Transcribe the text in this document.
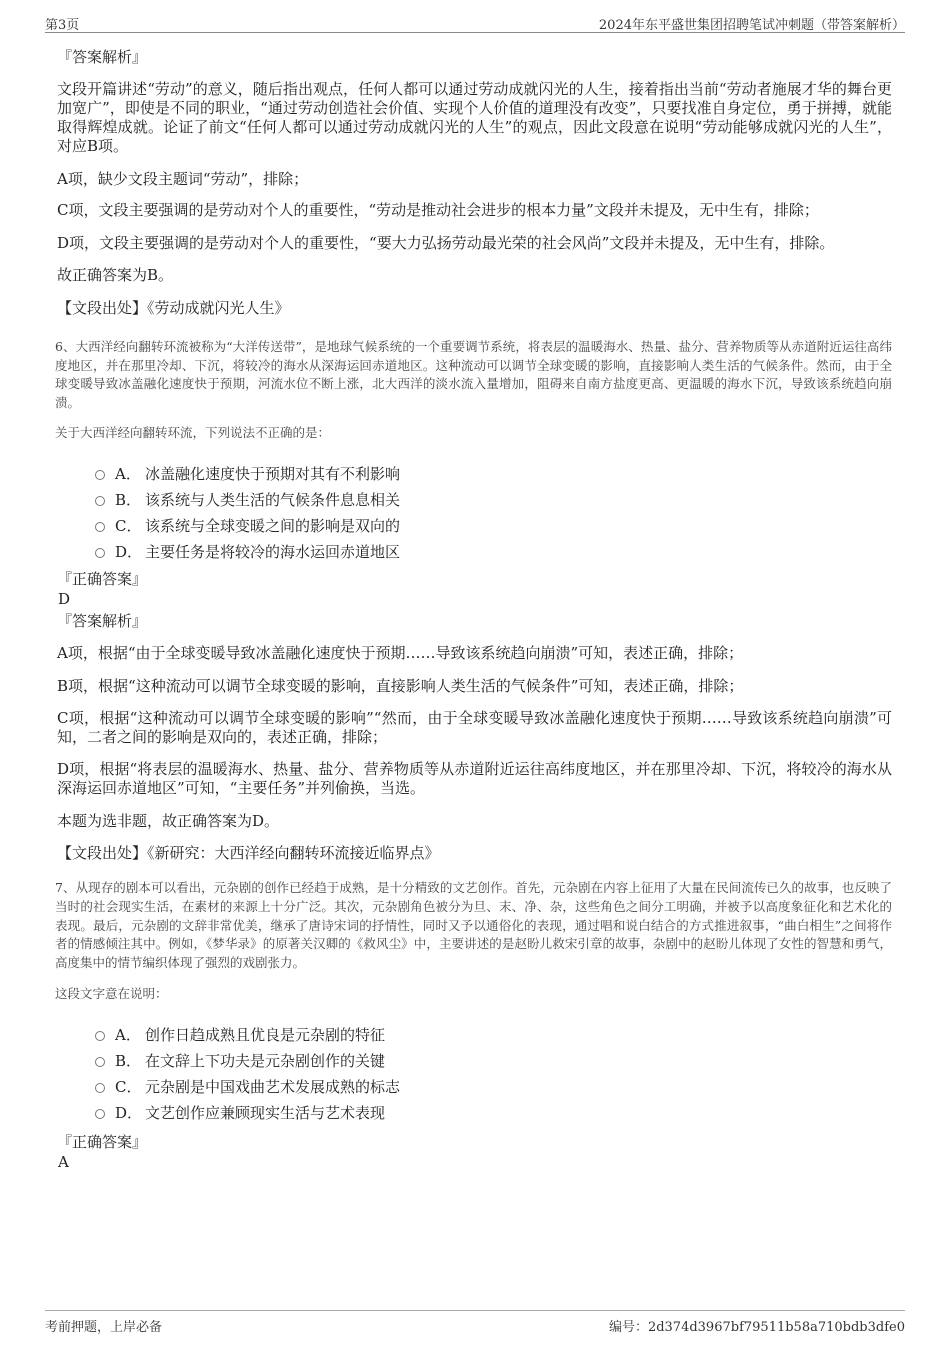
第3页	2024年东平盛世集团招聘笔试冲刺题（带答案解析）
『答案解析』
文段开篇讲述“劳动”的意义，随后指出观点，任何人都可以通过劳动成就闪光的人生，接着指出当前“劳动者施展才华的舞台更加宽广”，即使是不同的职业，“通过劳动创造社会价值、实现个人价值的道理没有改变”，只要找准自身定位，勇于拼搏，就能取得辉煌成就。论证了前文“任何人都可以通过劳动成就闪光的人生”的观点，因此文段意在说明“劳动能够成就闪光的人生”，对应B项。
A项，缺少文段主题词“劳动”，排除；
C项，文段主要强调的是劳动对个人的重要性，“劳动是推动社会进步的根本力量”文段并未提及，无中生有，排除；
D项，文段主要强调的是劳动对个人的重要性，“要大力弘扬劳动最光荣的社会风尚”文段并未提及，无中生有，排除。
故正确答案为B。
【文段出处】《劳动成就闪光人生》
6、大西洋经向翻转环流被称为“大洋传送带”，是地球气候系统的一个重要调节系统，将表层的温暖海水、热量、盐分、营养物质等从赤道附近运往高纬度地区，并在那里冷却、下沉，将较冷的海水从深海运回赤道地区。这种流动可以调节全球变暖的影响，直接影响人类生活的气候条件。然而，由于全球变暖导致冰盖融化速度快于预期，河流水位不断上涨，北大西洋的淡水流入量增加，阻碍来自南方盐度更高、更温暖的海水下沉，导致该系统趋向崩溃。
关于大西洋经向翻转环流，下列说法不正确的是：
A． 冰盖融化速度快于预期对其有不利影响
B． 该系统与人类生活的气候条件息息相关
C． 该系统与全球变暖之间的影响是双向的
D． 主要任务是将较冷的海水运回赤道地区
『正确答案』
D
『答案解析』
A项，根据“由于全球变暖导致冰盖融化速度快于预期……导致该系统趋向崩溃”可知，表述正确，排除；
B项，根据“这种流动可以调节全球变暖的影响，直接影响人类生活的气候条件”可知，表述正确，排除；
C项，根据“这种流动可以调节全球变暖的影响”“然而，由于全球变暖导致冰盖融化速度快于预期……导致该系统趋向崩溃”可知，二者之间的影响是双向的，表述正确，排除；
D项，根据“将表层的温暖海水、热量、盐分、营养物质等从赤道附近运往高纬度地区，并在那里冷却、下沉，将较冷的海水从深海运回赤道地区”可知，“主要任务”并列偷换，当选。
本题为选非题，故正确答案为D。
【文段出处】《新研究：大西洋经向翻转环流接近临界点》
7、从现存的剧本可以看出，元杂剧的创作已经趋于成熟，是十分精致的文艺创作。首先，元杂剧在内容上征用了大量在民间流传已久的故事，也反映了当时的社会现实生活，在素材的来源上十分广泛。其次，元杂剧角色被分为旦、末、净、杂，这些角色之间分工明确，并被予以高度象征化和艺术化的表现。最后，元杂剧的文辞非常优美，继承了唐诗宋词的抒情性，同时又予以通俗化的表现，通过唱和说白结合的方式推进叙事，“曲白相生”之间将作者的情感倾注其中。例如，《梦华录》的原著关汉卿的《救风尘》中，主要讲述的是赵盼儿救宋引章的故事，杂剧中的赵盼儿体现了女性的智慧和勇气，高度集中的情节编织体现了强烈的戏剧张力。
这段文字意在说明：
A． 创作日趋成熟且优良是元杂剧的特征
B． 在文辞上下功夫是元杂剧创作的关键
C． 元杂剧是中国戏曲艺术发展成熟的标志
D． 文艺创作应兼顾现实生活与艺术表现
『正确答案』
A
考前押题，上岸必备	编号：2d374d3967bf79511b58a710bdb3dfe0
